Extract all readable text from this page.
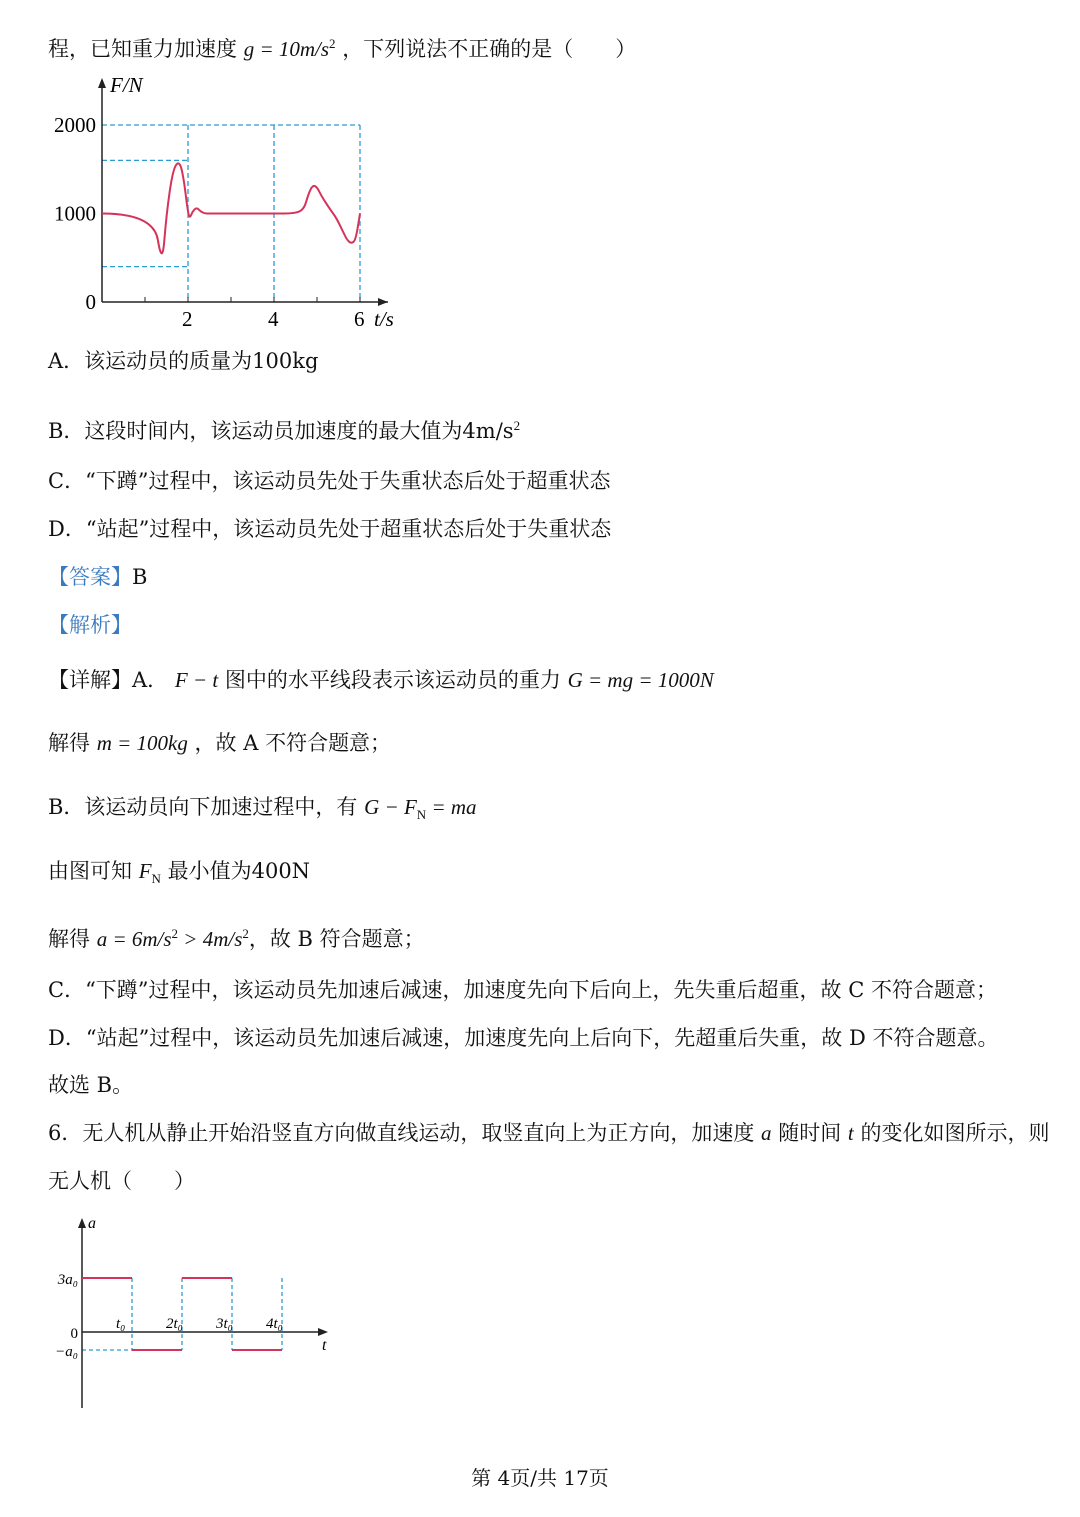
程，已知重力加速度 $g = 10m/s^2$ ，下列说法不正确的是（　　）
2	4	6
0
1000
2000
F/N
t/s
A．该运动员的质量为100kg
B．这段时间内，该运动员加速度的最大值为$4m/s^2$
C．“下蹲”过程中，该运动员先处于失重状态后处于超重状态
D．“站起”过程中，该运动员先处于超重状态后处于失重状态
【答案】B
【解析】
【详解】A． F − t 图中的水平线段表示该运动员的重力 G = mg = 1000N
解得 m = 100kg ，故 A 不符合题意；
B．该运动员向下加速过程中，有 $G - F_N$ = ma
由图可知 $F_N$ 最小值为400N
解得 $a = 6m/s^2 > 4m/s^2$，故 B 符合题意；
C．“下蹲”过程中，该运动员先加速后减速，加速度先向下后向上，先失重后超重，故 C 不符合题意；
D．“站起”过程中，该运动员先加速后减速，加速度先向上后向下，先超重后失重，故 D 不符合题意。
故选 B。
6．无人机从静止开始沿竖直方向做直线运动，取竖直向上为正方向，加速度 a 随时间 t 的变化如图所示，则
无人机（　　）
t₀	2t₀ 3t₀ 4t₀
3a₀
0
−a₀
a
t
第 4页/共 17页
